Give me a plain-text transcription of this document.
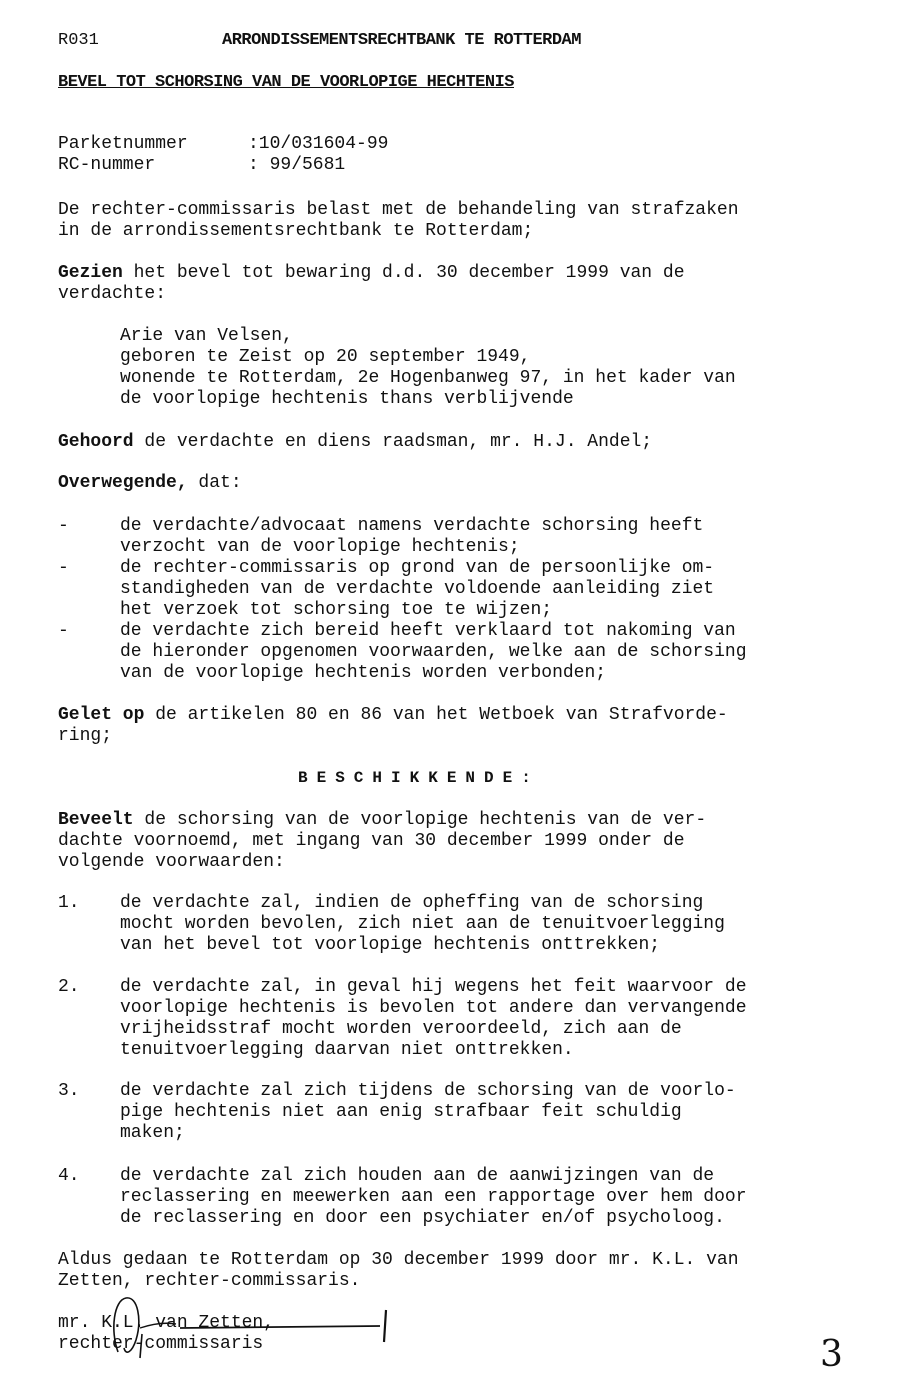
R031	ARRONDISSEMENTSRECHTBANK TE ROTTERDAM
BEVEL TOT SCHORSING VAN DE VOORLOPIGE HECHTENIS
Parketnummer	:10/031604-99
RC-nummer	: 99/5681
De rechter-commissaris belast met de behandeling van strafzaken
in de arrondissementsrechtbank te Rotterdam;
Gezien het bevel tot bewaring d.d. 30 december 1999 van de
verdachte:
Arie van Velsen,
geboren te Zeist op 20 september 1949,
wonende te Rotterdam, 2e Hogenbanweg 97, in het kader van
de voorlopige hechtenis thans verblijvende
Gehoord de verdachte en diens raadsman, mr. H.J. Andel;
Overwegende, dat:
-	de verdachte/advocaat namens verdachte schorsing heeft
verzocht van de voorlopige hechtenis;
-	de rechter-commissaris op grond van de persoonlijke om-
standigheden van de verdachte voldoende aanleiding ziet
het verzoek tot schorsing toe te wijzen;
-	de verdachte zich bereid heeft verklaard tot nakoming van
de hieronder opgenomen voorwaarden, welke aan de schorsing
van de voorlopige hechtenis worden verbonden;
Gelet op de artikelen 80 en 86 van het Wetboek van Strafvorde-
ring;
BESCHIKKENDE:
Beveelt de schorsing van de voorlopige hechtenis van de ver-
dachte voornoemd, met ingang van 30 december 1999 onder de
volgende voorwaarden:
1. de verdachte zal, indien de opheffing van de schorsing
mocht worden bevolen, zich niet aan de tenuitvoerlegging
van het bevel tot voorlopige hechtenis onttrekken;
2. de verdachte zal, in geval hij wegens het feit waarvoor de
voorlopige hechtenis is bevolen tot andere dan vervangende
vrijheidsstraf mocht worden veroordeeld, zich aan de
tenuitvoerlegging daarvan niet onttrekken.
3. de verdachte zal zich tijdens de schorsing van de voorlo-
pige hechtenis niet aan enig strafbaar feit schuldig
maken;
4. de verdachte zal zich houden aan de aanwijzingen van de
reclassering en meewerken aan een rapportage over hem door
de reclassering en door een psychiater en/of psycholoog.
Aldus gedaan te Rotterdam op 30 december 1999 door mr. K.L. van
Zetten, rechter-commissaris.
mr. K.L. van Zetten,
rechter-commissaris	3
